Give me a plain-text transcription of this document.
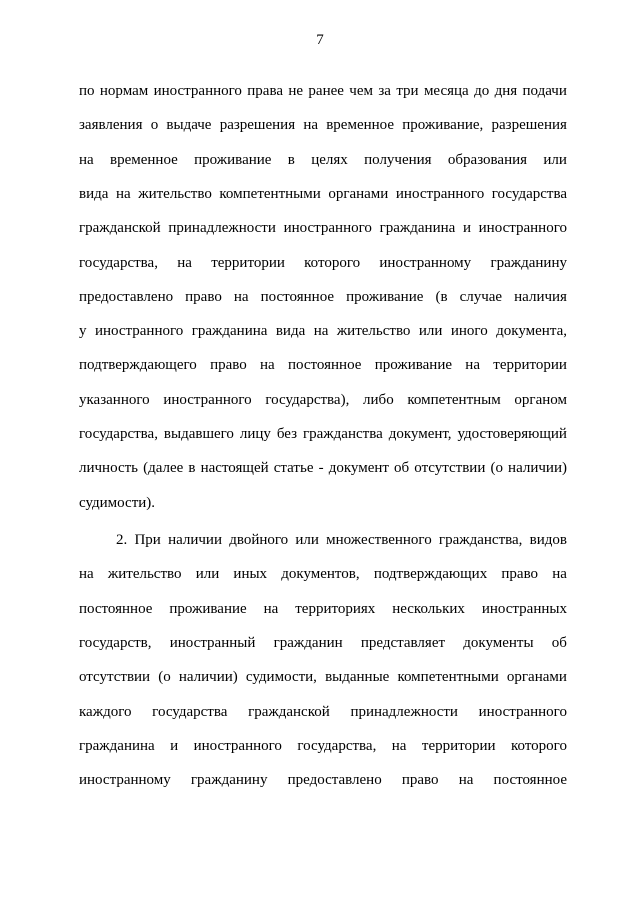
7
по нормам иностранного права не ранее чем за три месяца до дня подачи
заявления о выдаче разрешения на временное проживание, разрешения
на временное проживание в целях получения образования или
вида на жительство компетентными органами иностранного государства
гражданской принадлежности иностранного гражданина и иностранного
государства, на территории которого иностранному гражданину
предоставлено право на постоянное проживание (в случае наличия
у иностранного гражданина вида на жительство или иного документа,
подтверждающего право на постоянное проживание на территории
указанного иностранного государства), либо компетентным органом
государства, выдавшего лицу без гражданства документ, удостоверяющий
личность (далее в настоящей статье - документ об отсутствии (о наличии)
судимости).
2. При наличии двойного или множественного гражданства, видов
на жительство или иных документов, подтверждающих право на
постоянное проживание на территориях нескольких иностранных
государств, иностранный гражданин представляет документы об
отсутствии (о наличии) судимости, выданные компетентными органами
каждого государства гражданской принадлежности иностранного
гражданина и иностранного государства, на территории которого
иностранному гражданину предоставлено право на постоянное
